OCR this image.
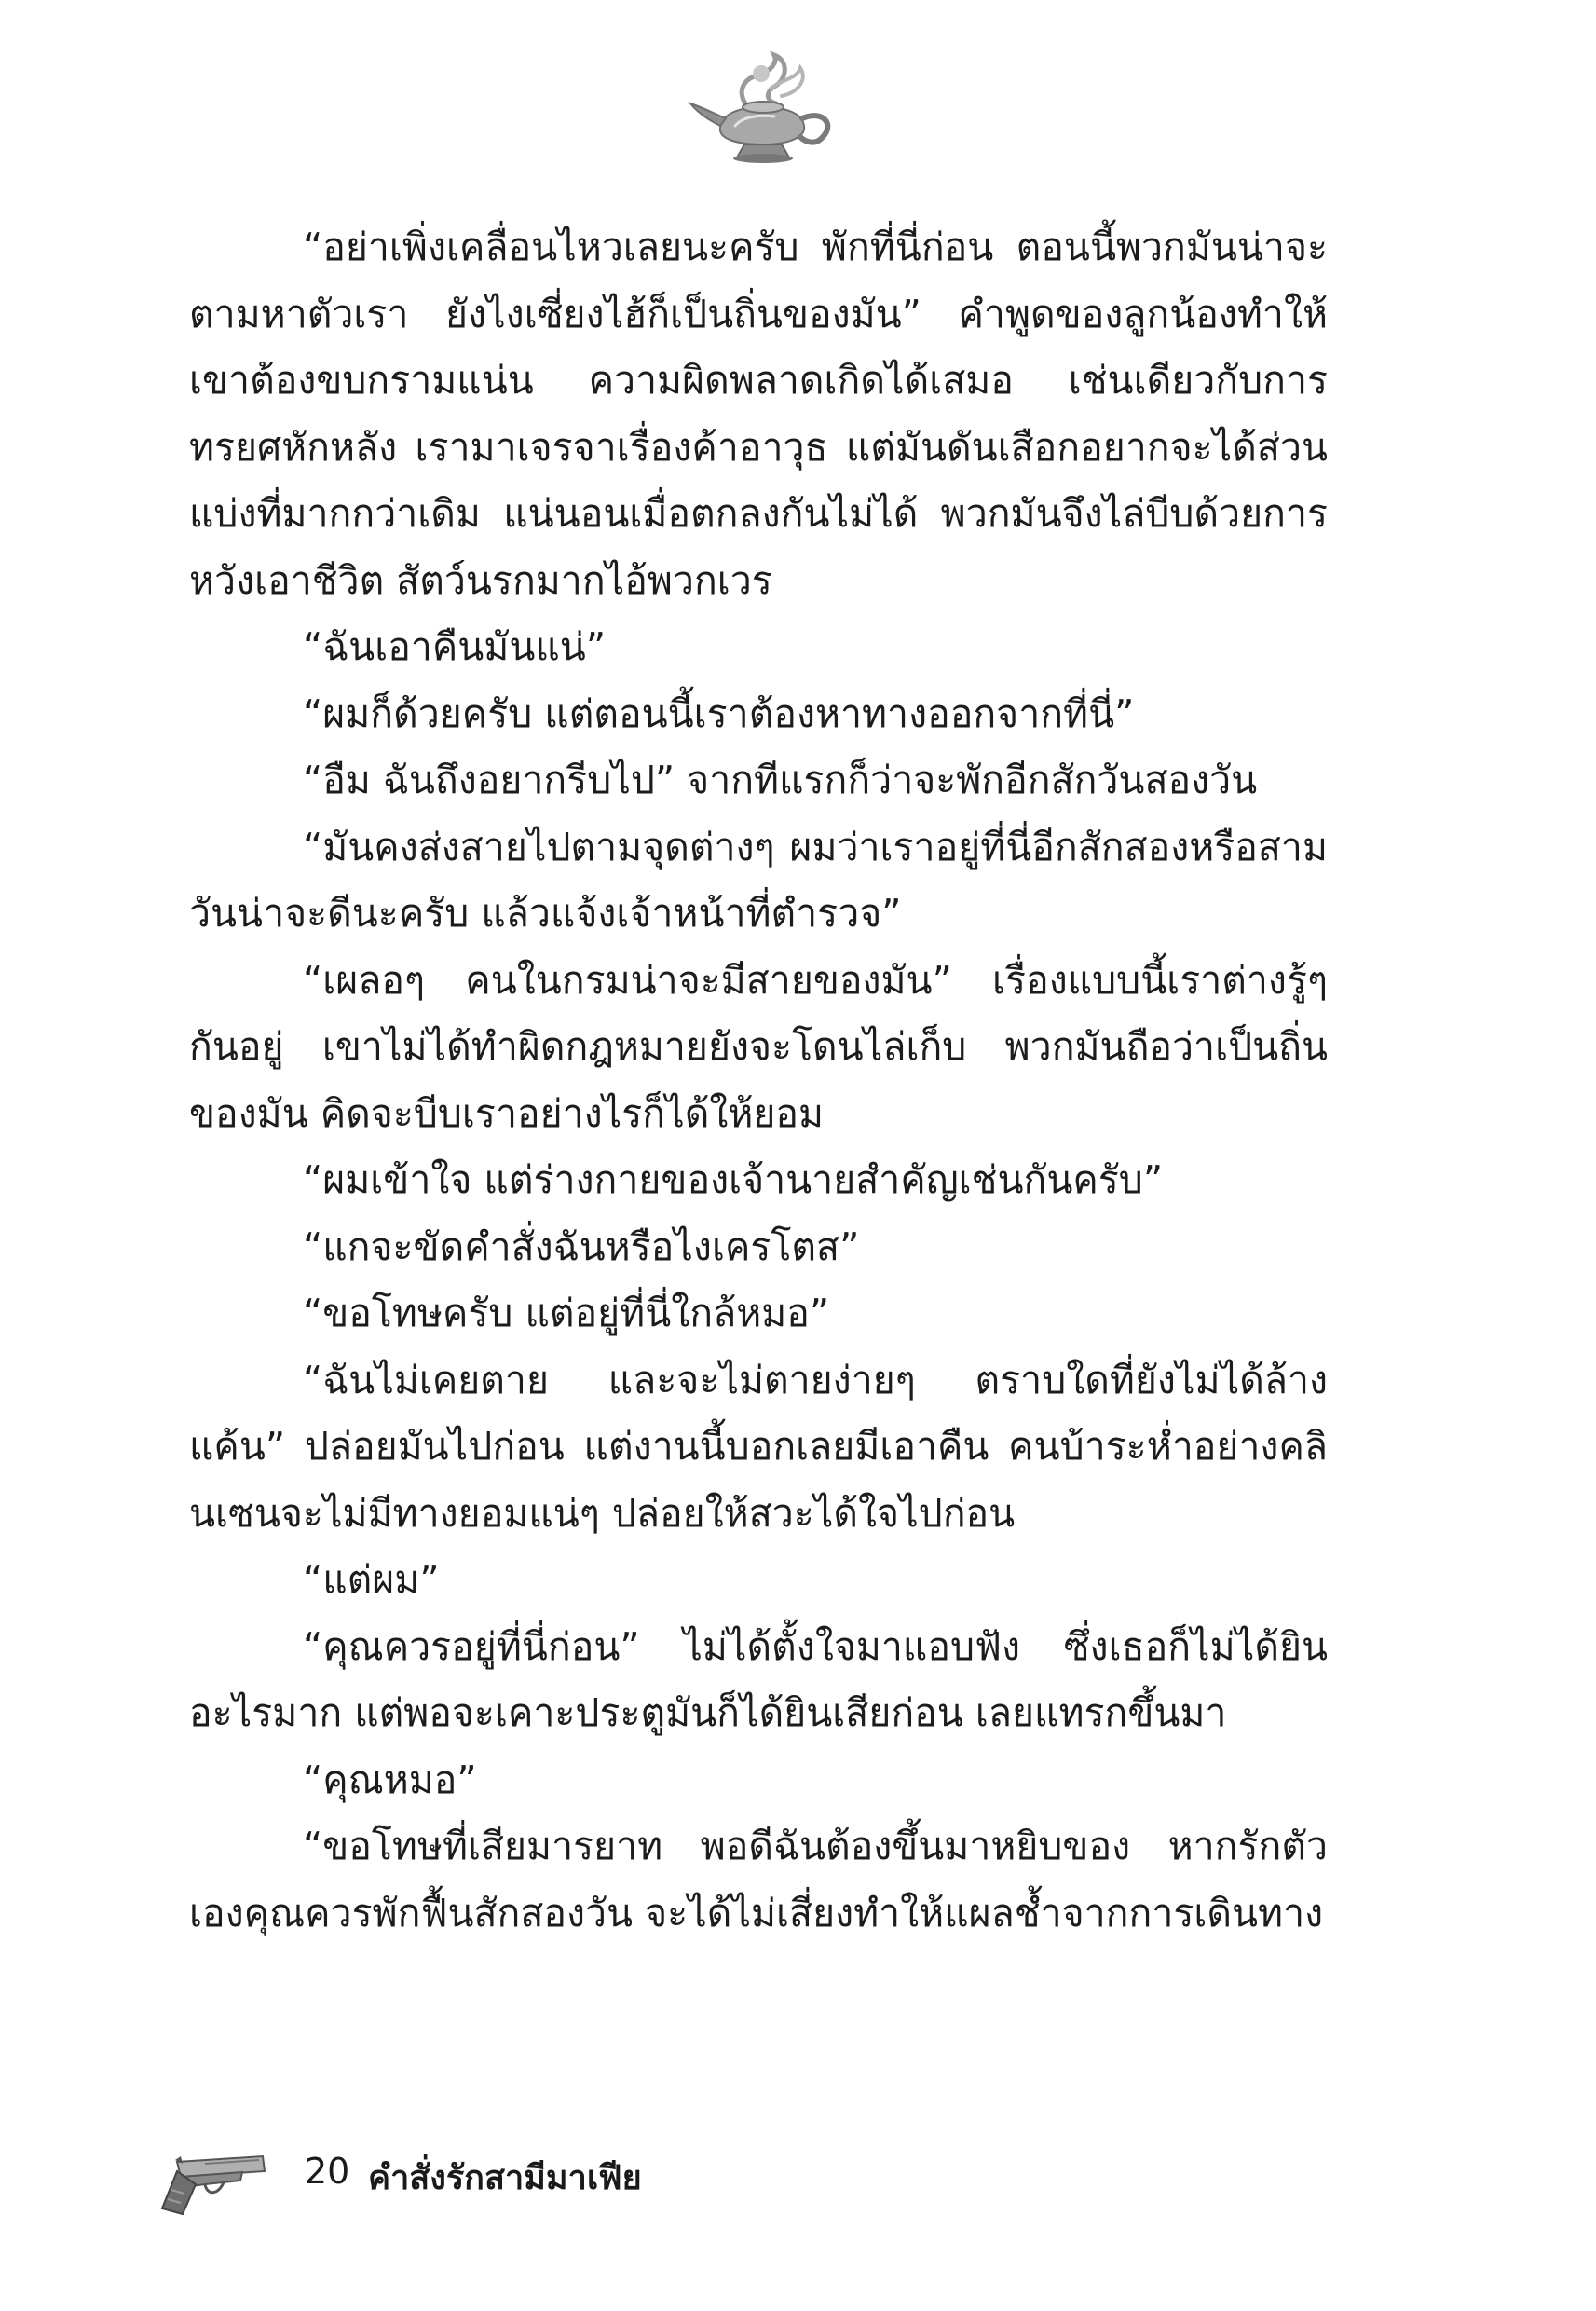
“อย่าเพิ่งเคลื่อนไหวเลยนะครับ พักที่นี่ก่อน ตอนนี้พวกมันน่าจะตามหาตัวเรา ยังไงเซี่ยงไฮ้ก็เป็นถิ่นของมัน” คำพูดของลูกน้องทำให้เขาต้องขบกรามแน่น ความผิดพลาดเกิดได้เสมอ เช่นเดียวกับการทรยศหักหลัง เรามาเจรจาเรื่องค้าอาวุธ แต่มันดันเสือกอยากจะได้ส่วนแบ่งที่มากกว่าเดิม แน่นอนเมื่อตกลงกันไม่ได้ พวกมันจึงไล่บีบด้วยการหวังเอาชีวิต สัตว์นรกมากไอ้พวกเวร

“ฉันเอาคืนมันแน่”

“ผมก็ด้วยครับ แต่ตอนนี้เราต้องหาทางออกจากที่นี่”

“อืม ฉันถึงอยากรีบไป” จากทีแรกก็ว่าจะพักอีกสักวันสองวัน

“มันคงส่งสายไปตามจุดต่างๆ ผมว่าเราอยู่ที่นี่อีกสักสองหรือสามวันน่าจะดีนะครับ แล้วแจ้งเจ้าหน้าที่ตำรวจ”

“เผลอๆ คนในกรมน่าจะมีสายของมัน” เรื่องแบบนี้เราต่างรู้ๆ กันอยู่ เขาไม่ได้ทำผิดกฎหมายยังจะโดนไล่เก็บ พวกมันถือว่าเป็นถิ่นของมัน คิดจะบีบเราอย่างไรก็ได้ให้ยอม

“ผมเข้าใจ แต่ร่างกายของเจ้านายสำคัญเช่นกันครับ”

“แกจะขัดคำสั่งฉันหรือไงเครโตส”

“ขอโทษครับ แต่อยู่ที่นี่ใกล้หมอ”

“ฉันไม่เคยตาย และจะไม่ตายง่ายๆ ตราบใดที่ยังไม่ได้ล้างแค้น” ปล่อยมันไปก่อน แต่งานนี้บอกเลยมีเอาคืน คนบ้าระห่ำอย่างคลินเซนจะไม่มีทางยอมแน่ๆ ปล่อยให้สวะได้ใจไปก่อน

“แต่ผม”

“คุณควรอยู่ที่นี่ก่อน” ไม่ได้ตั้งใจมาแอบฟัง ซึ่งเธอก็ไม่ได้ยินอะไรมาก แต่พอจะเคาะประตูมันก็ได้ยินเสียก่อน เลยแทรกขึ้นมา

“คุณหมอ”

“ขอโทษที่เสียมารยาท พอดีฉันต้องขึ้นมาหยิบของ หากรักตัวเองคุณควรพักฟื้นสักสองวัน จะได้ไม่เสี่ยงทำให้แผลช้ำจากการเดินทาง

20 คำสั่งรักสามีมาเฟีย
